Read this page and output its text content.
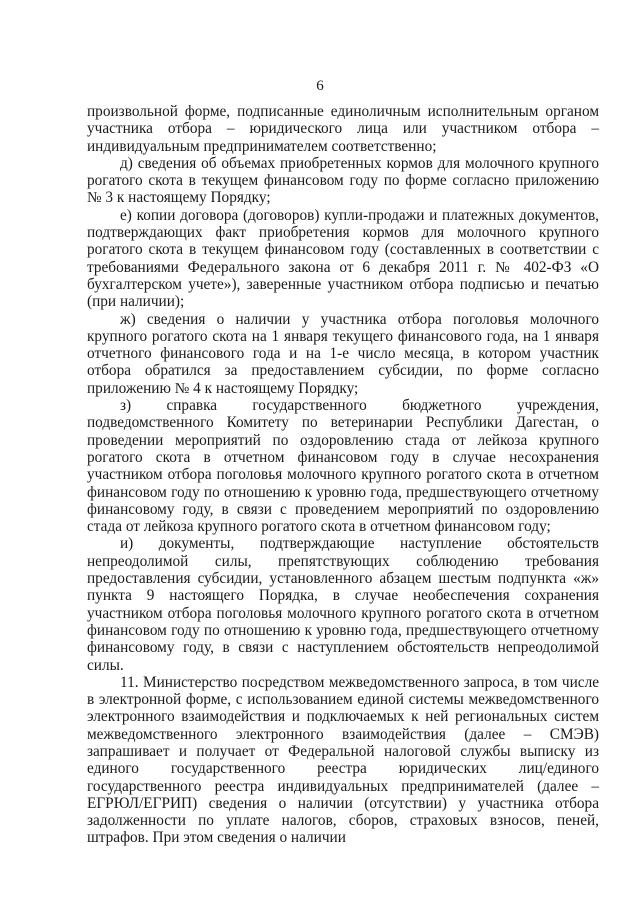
6

произвольной форме, подписанные единоличным исполнительным органом участника отбора – юридического лица или участником отбора – индивидуальным предпринимателем соответственно;

д) сведения об объемах приобретенных кормов для молочного крупного рогатого скота в текущем финансовом году по форме согласно приложению № 3 к настоящему Порядку;

е) копии договора (договоров) купли-продажи и платежных документов, подтверждающих факт приобретения кормов для молочного крупного рогатого скота в текущем финансовом году (составленных в соответствии с требованиями Федерального закона от 6 декабря 2011 г. № 402-ФЗ «О бухгалтерском учете»), заверенные участником отбора подписью и печатью (при наличии);

ж) сведения о наличии у участника отбора поголовья молочного крупного рогатого скота на 1 января текущего финансового года, на 1 января отчетного финансового года и на 1-е число месяца, в котором участник отбора обратился за предоставлением субсидии, по форме согласно приложению № 4 к настоящему Порядку;

з) справка государственного бюджетного учреждения, подведомственного Комитету по ветеринарии Республики Дагестан, о проведении мероприятий по оздоровлению стада от лейкоза крупного рогатого скота в отчетном финансовом году в случае несохранения участником отбора поголовья молочного крупного рогатого скота в отчетном финансовом году по отношению к уровню года, предшествующего отчетному финансовому году, в связи с проведением мероприятий по оздоровлению стада от лейкоза крупного рогатого скота в отчетном финансовом году;

и) документы, подтверждающие наступление обстоятельств непреодолимой силы, препятствующих соблюдению требования предоставления субсидии, установленного абзацем шестым подпункта «ж» пункта 9 настоящего Порядка, в случае необеспечения сохранения участником отбора поголовья молочного крупного рогатого скота в отчетном финансовом году по отношению к уровню года, предшествующего отчетному финансовому году, в связи с наступлением обстоятельств непреодолимой силы.

11. Министерство посредством межведомственного запроса, в том числе в электронной форме, с использованием единой системы межведомственного электронного взаимодействия и подключаемых к ней региональных систем межведомственного электронного взаимодействия (далее – СМЭВ) запрашивает и получает от Федеральной налоговой службы выписку из единого государственного реестра юридических лиц/единого государственного реестра индивидуальных предпринимателей (далее – ЕГРЮЛ/ЕГРИП) сведения о наличии (отсутствии) у участника отбора задолженности по уплате налогов, сборов, страховых взносов, пеней, штрафов. При этом сведения о наличии
